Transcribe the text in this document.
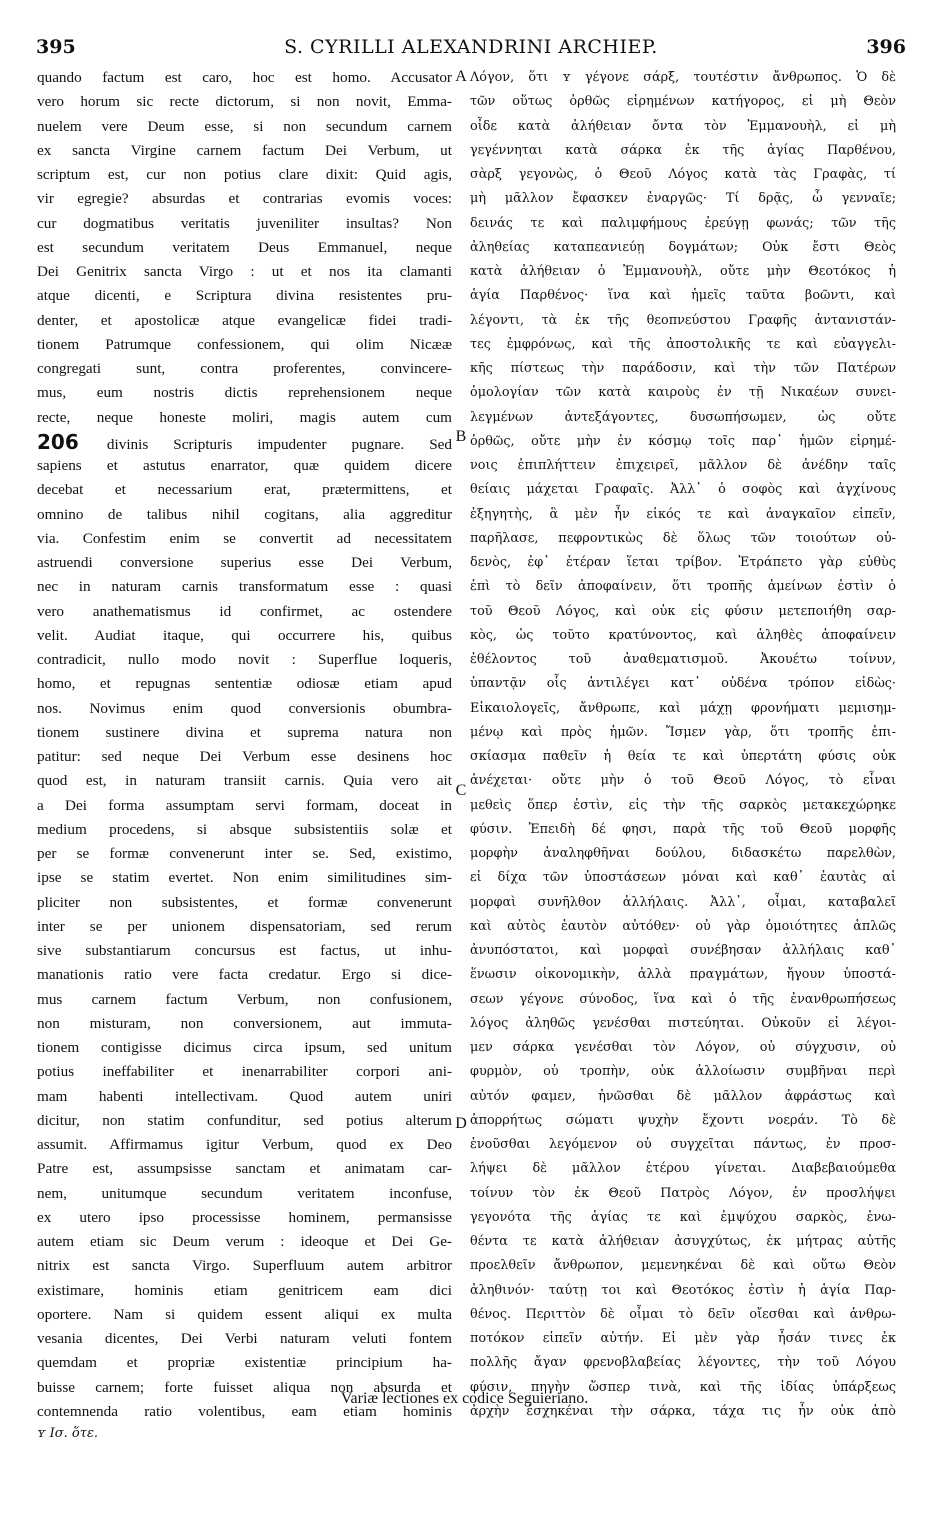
395	S. CYRILLI ALEXANDRINI ARCHIEP.	396
quando factum est caro, hoc est homo. Accusator
vero horum sic recte dictorum, si non novit, Emma-
nuelem vere Deum esse, si non secundum carnem
ex sancta Virgine carnem factum Dei Verbum, ut
scriptum est, cur non potius clare dixit: Quid agis,
vir egregie? absurdas et contrarias evomis voces:
cur dogmatibus veritatis juveniliter insultas? Non
est secundum veritatem Deus Emmanuel, neque
Dei Genitrix sancta Virgo : ut et nos ita clamanti
atque dicenti, e Scriptura divina resistentes pru-
denter, et apostolicæ atque evangelicæ fidei tradi-
tionem Patrumque confessionem, qui olim Nicææ
congregati sunt, contra proferentes, convincere-
mus, eum nostris dictis reprehensionem neque
recte, neque honeste moliri, magis autem cum
206 divinis Scripturis impudenter pugnare. Sed
sapiens et astutus enarrator, quæ quidem dicere
decebat et necessarium erat, prætermittens, et
omnino de talibus nihil cogitans, alia aggreditur
via. Confestim enim se convertit ad necessitatem
astruendi conversione superius esse Dei Verbum,
nec in naturam carnis transformatum esse : quasi
vero anathematismus id confirmet, ac ostendere
velit. Audiat itaque, qui occurrere his, quibus
contradicit, nullo modo novit : Superflue loqueris,
homo, et repugnas sententiæ odiosæ etiam apud
nos. Novimus enim quod conversionis obumbra-
tionem sustinere divina et suprema natura non
patitur: sed neque Dei Verbum esse desinens hoc
quod est, in naturam transiit carnis. Quia vero ait
a Dei forma assumptam servi formam, doceat in
medium procedens, si absque subsistentiis solæ et
per se formæ convenerunt inter se. Sed, existimo,
ipse se statim evertet. Non enim similitudines sim-
pliciter non subsistentes, et formæ convenerunt
inter se per unionem dispensatoriam, sed rerum
sive substantiarum concursus est factus, ut inhu-
manationis ratio vere facta credatur. Ergo si dice-
mus carnem factum Verbum, non confusionem,
non misturam, non conversionem, aut immuta-
tionem contigisse dicimus circa ipsum, sed unitum
potius ineffabiliter et inenarrabiliter corpori ani-
mam habenti intellectivam. Quod autem uniri
dicitur, non statim confunditur, sed potius alterum
assumit. Affirmamus igitur Verbum, quod ex Deo
Patre est, assumpsisse sanctam et animatam car-
nem, unitumque secundum veritatem inconfuse,
ex utero ipso processisse hominem, permansisse
autem etiam sic Deum verum : ideoque et Dei Ge-
nitrix est sancta Virgo. Superfluum autem arbitror
existimare, hominis etiam genitricem eam dici
oportere. Nam si quidem essent aliqui ex multa
vesania dicentes, Dei Verbi naturam veluti fontem
quemdam et propriæ existentiæ principium ha-
buisse carnem; forte fuisset aliqua non absurda et
contemnenda ratio volentibus, eam etiam hominis
Λόγον, ὅτι ʏ γέγονε σάρξ, τουτέστιν ἄνθρωπος. Ὁ δὲ
τῶν οὕτως ὀρθῶς εἰρημένων κατήγορος, εἰ μὴ Θεὸν
οἶδε κατὰ ἀλήθειαν ὄντα τὸν Ἐμμανουὴλ, εἰ μὴ
γεγέννηται κατὰ σάρκα ἐκ τῆς ἁγίας Παρθένου,
σὰρξ γεγονὼς, ὁ Θεοῦ Λόγος κατὰ τὰς Γραφὰς, τί
μὴ μᾶλλον ἔφασκεν ἐναργῶς· Τί δρᾷς, ὦ γενναῖε;
δεινάς τε καὶ παλιμφήμους ἐρεύγῃ φωνάς; τῶν τῆς
ἀληθείας καταπεανιεύῃ δογμάτων; Οὐκ ἔστι Θεὸς
κατὰ ἀλήθειαν ὁ Ἐμμανουὴλ, οὔτε μὴν Θεοτόκος ἡ
ἁγία Παρθένος· ἵνα καὶ ἡμεῖς ταῦτα βοῶντι, καὶ
λέγοντι, τὰ ἐκ τῆς θεοπνεύστου Γραφῆς ἀντανιστάν-
τες ἐμφρόνως, καὶ τῆς ἀποστολικῆς τε καὶ εὐαγγελι-
κῆς πίστεως τὴν παράδοσιν, καὶ τὴν τῶν Πατέρων
ὁμολογίαν τῶν κατὰ καιροὺς ἐν τῇ Νικαέων συνει-
λεγμένων ἀντεξάγοντες, δυσωπήσωμεν, ὡς οὔτε
ὀρθῶς, οὔτε μὴν ἐν κόσμῳ τοῖς παρ᾽ ἡμῶν εἰρημέ-
νοις ἐπιπλήττειν ἐπιχειρεῖ, μᾶλλον δὲ ἀνέδην ταῖς
θείαις μάχεται Γραφαῖς. Ἀλλ᾽ ὁ σοφὸς καὶ ἀγχίνους
ἐξηγητὴς, ἃ μὲν ἦν εἰκός τε καὶ ἀναγκαῖον εἰπεῖν,
παρῆλασε, πεφροντικὼς δὲ ὅλως τῶν τοιούτων οὐ-
δενὸς, ἐφ᾽ ἑτέραν ἵεται τρίβον. Ἐτράπετο γὰρ εὐθὺς
ἐπὶ τὸ δεῖν ἀποφαίνειν, ὅτι τροπῆς ἀμείνων ἐστὶν ὁ
τοῦ Θεοῦ Λόγος, καὶ οὐκ εἰς φύσιν μετεποιήθη σαρ-
κὸς, ὡς τοῦτο κρατύνοντος, καὶ ἀληθὲς ἀποφαίνειν
ἐθέλοντος τοῦ ἀναθεματισμοῦ. Ἀκουέτω τοίνυν,
ὑπαντᾷν οἷς ἀντιλέγει κατ᾽ οὐδένα τρόπον εἰδὼς·
Εἰκαιολογεῖς, ἄνθρωπε, καὶ μάχῃ φρονήματι μεμισημ-
μένῳ καὶ πρὸς ἡμῶν. Ἴσμεν γὰρ, ὅτι τροπῆς ἐπι-
σκίασμα παθεῖν ἡ θεία τε καὶ ὑπερτάτη φύσις οὐκ
ἀνέχεται· οὔτε μὴν ὁ τοῦ Θεοῦ Λόγος, τὸ εἶναι
μεθεὶς ὅπερ ἐστὶν, εἰς τὴν τῆς σαρκὸς μετακεχώρηκε
φύσιν. Ἐπειδὴ δέ φησι, παρὰ τῆς τοῦ Θεοῦ μορφῆς
μορφὴν ἀναληφθῆναι δούλου, διδασκέτω παρελθὼν,
εἰ δίχα τῶν ὑποστάσεων μόναι καὶ καθ᾽ ἑαυτὰς αἱ
μορφαὶ συνῆλθον ἀλλήλαις. Ἀλλ᾽, οἶμαι, καταβαλεῖ
καὶ αὐτὸς ἑαυτὸν αὐτόθεν· οὐ γὰρ ὁμοιότητες ἁπλῶς
ἀνυπόστατοι, καὶ μορφαὶ συνέβησαν ἀλλήλαις καθ᾽
ἕνωσιν οἰκονομικὴν, ἀλλὰ πραγμάτων, ἤγουν ὑποστά-
σεων γέγονε σύνοδος, ἵνα καὶ ὁ τῆς ἐνανθρωπήσεως
λόγος ἀληθῶς γενέσθαι πιστεύηται. Οὐκοῦν εἰ λέγοι-
μεν σάρκα γενέσθαι τὸν Λόγον, οὐ σύγχυσιν, οὐ
φυρμὸν, οὐ τροπὴν, οὐκ ἀλλοίωσιν συμβῆναι περὶ
αὐτόν φαμεν, ἡνῶσθαι δὲ μᾶλλον ἀφράστως καὶ
ἀπορρήτως σώματι ψυχὴν ἔχοντι νοεράν. Τὸ δὲ
ἑνοῦσθαι λεγόμενον οὐ συγχεῖται πάντως, ἐν προσ-
λήψει δὲ μᾶλλον ἑτέρου γίνεται. Διαβεβαιούμεθα
τοίνυν τὸν ἐκ Θεοῦ Πατρὸς Λόγον, ἐν προσλήψει
γεγονότα τῆς ἁγίας τε καὶ ἐμψύχου σαρκὸς, ἑνω-
θέντα τε κατὰ ἀλήθειαν ἀσυγχύτως, ἐκ μήτρας αὐτῆς
προελθεῖν ἄνθρωπον, μεμενηκέναι δὲ καὶ οὕτω Θεὸν
ἀληθινόν· ταύτῃ τοι καὶ Θεοτόκος ἐστὶν ἡ ἁγία Παρ-
θένος. Περιττὸν δὲ οἶμαι τὸ δεῖν οἴεσθαι καὶ ἀνθρω-
ποτόκον εἰπεῖν αὐτήν. Εἰ μὲν γὰρ ἦσάν τινες ἐκ
πολλῆς ἄγαν φρενοβλαβείας λέγοντες, τὴν τοῦ Λόγου
φύσιν, πηγὴν ὥσπερ τινὰ, καὶ τῆς ἰδίας ὑπάρξεως
ἀρχὴν ἐσχηκέναι τὴν σάρκα, τάχα τις ἦν οὐκ ἀπὸ
A
B
C
D
Variæ lectiones ex codice Seguieriano.
ʏ Ισ. ὅτε.
